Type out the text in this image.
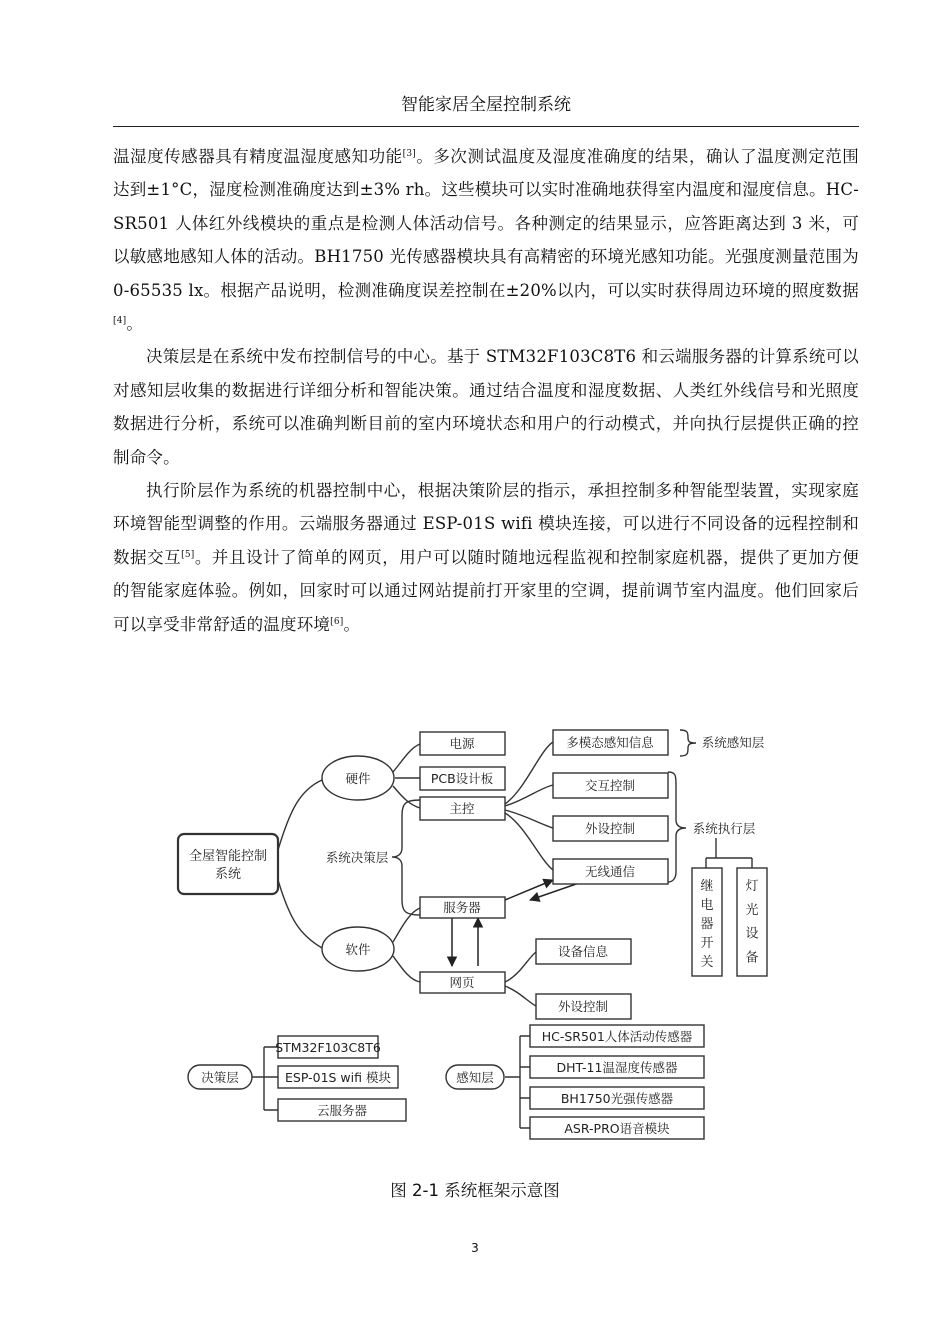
智能家居全屋控制系统

温湿度传感器具有精度温湿度感知功能[3]。多次测试温度及湿度准确度的结果，确认了温度测定范围达到±1°C，湿度检测准确度达到±3% rh。这些模块可以实时准确地获得室内温度和湿度信息。HC-SR501 人体红外线模块的重点是检测人体活动信号。各种测定的结果显示，应答距离达到 3 米，可以敏感地感知人体的活动。BH1750 光传感器模块具有高精密的环境光感知功能。光强度测量范围为 0-65535 lx。根据产品说明，检测准确度误差控制在±20%以内，可以实时获得周边环境的照度数据[4]。

决策层是在系统中发布控制信号的中心。基于 STM32F103C8T6 和云端服务器的计算系统可以对感知层收集的数据进行详细分析和智能决策。通过结合温度和湿度数据、人类红外线信号和光照度数据进行分析，系统可以准确判断目前的室内环境状态和用户的行动模式，并向执行层提供正确的控制命令。

执行阶层作为系统的机器控制中心，根据决策阶层的指示，承担控制多种智能型装置，实现家庭环境智能型调整的作用。云端服务器通过 ESP-01S wifi 模块连接，可以进行不同设备的远程控制和数据交互[5]。并且设计了简单的网页，用户可以随时随地远程监视和控制家庭机器，提供了更加方便的智能家庭体验。例如，回家时可以通过网站提前打开家里的空调，提前调节室内温度。他们回家后可以享受非常舒适的温度环境[6]。

全屋智能控制
系统
硬件
软件
系统决策层
电源
PCB设计板
主控
服务器
网页
多模态感知信息	系统感知层
交互控制
外设控制
无线通信
系统执行层
设备信息
外设控制
决策层
STM32F103C8T6
ESP-01S wifi 模块
云服务器
感知层
HC-SR501人体活动传感器
DHT-11温湿度传感器
BH1750光强传感器
ASR-PRO语音模块
继电器开关
灯光设备
图 2-1 系统框架示意图
3
